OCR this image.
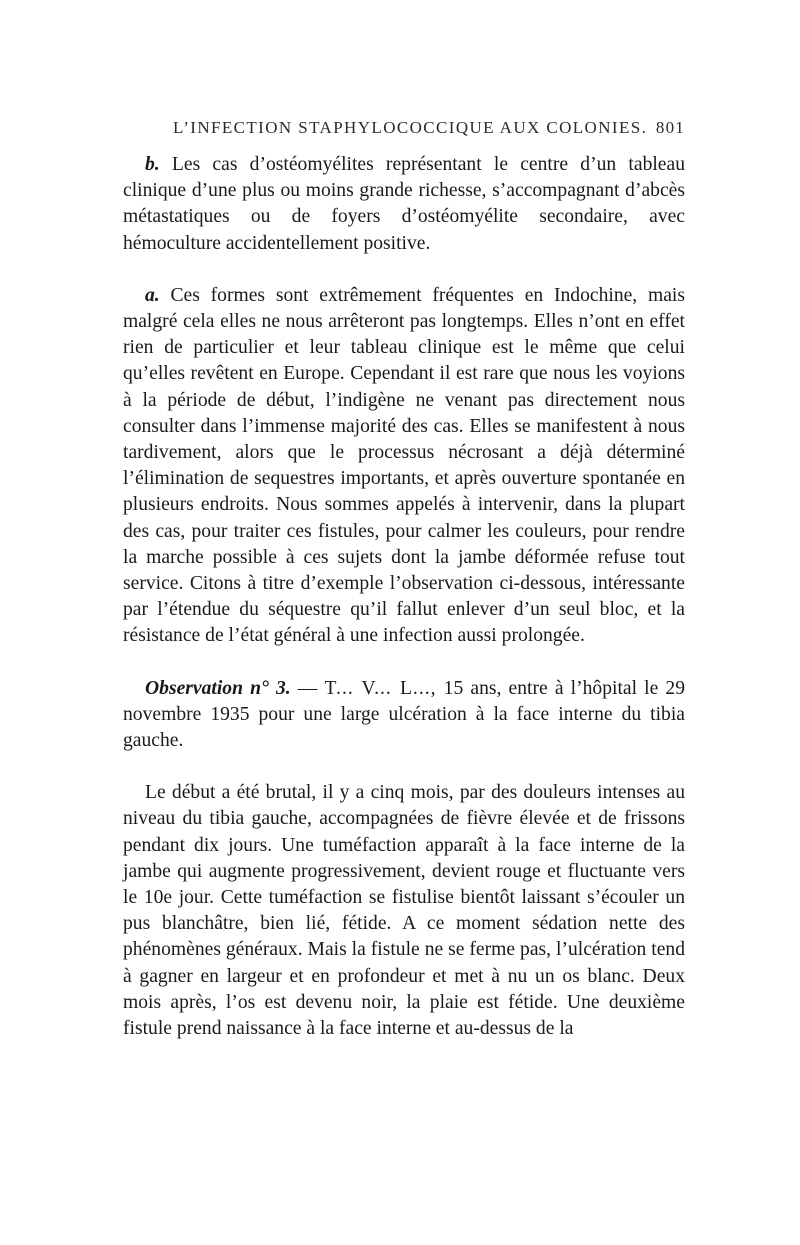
L’INFECTION STAPHYLOCOCCIQUE AUX COLONIES. 801

b. Les cas d’ostéomyélites représentant le centre d’un tableau clinique d’une plus ou moins grande richesse, s’accompagnant d’abcès métastatiques ou de foyers d’ostéomyélite secondaire, avec hémoculture accidentellement positive.

a. Ces formes sont extrêmement fréquentes en Indochine, mais malgré cela elles ne nous arrêteront pas longtemps. Elles n’ont en effet rien de particulier et leur tableau clinique est le même que celui qu’elles revêtent en Europe. Cependant il est rare que nous les voyions à la période de début, l’indigène ne venant pas directement nous consulter dans l’immense majorité des cas. Elles se manifestent à nous tardivement, alors que le processus nécrosant a déjà déterminé l’élimination de sequestres importants, et après ouverture spontanée en plusieurs endroits. Nous sommes appelés à intervenir, dans la plupart des cas, pour traiter ces fistules, pour calmer les couleurs, pour rendre la marche possible à ces sujets dont la jambe déformée refuse tout service. Citons à titre d’exemple l’observation ci-dessous, intéressante par l’étendue du séquestre qu’il fallut enlever d’un seul bloc, et la résistance de l’état général à une infection aussi prolongée.

Observation n° 3. — T... V... L..., 15 ans, entre à l’hôpital le 29 novembre 1935 pour une large ulcération à la face interne du tibia gauche.

Le début a été brutal, il y a cinq mois, par des douleurs intenses au niveau du tibia gauche, accompagnées de fièvre élevée et de frissons pendant dix jours. Une tuméfaction apparaît à la face interne de la jambe qui augmente progressivement, devient rouge et fluctuante vers le 10e jour. Cette tuméfaction se fistulise bientôt laissant s’écouler un pus blanchâtre, bien lié, fétide. A ce moment sédation nette des phénomènes généraux. Mais la fistule ne se ferme pas, l’ulcération tend à gagner en largeur et en profondeur et met à nu un os blanc. Deux mois après, l’os est devenu noir, la plaie est fétide. Une deuxième fistule prend naissance à la face interne et au-dessus de la
